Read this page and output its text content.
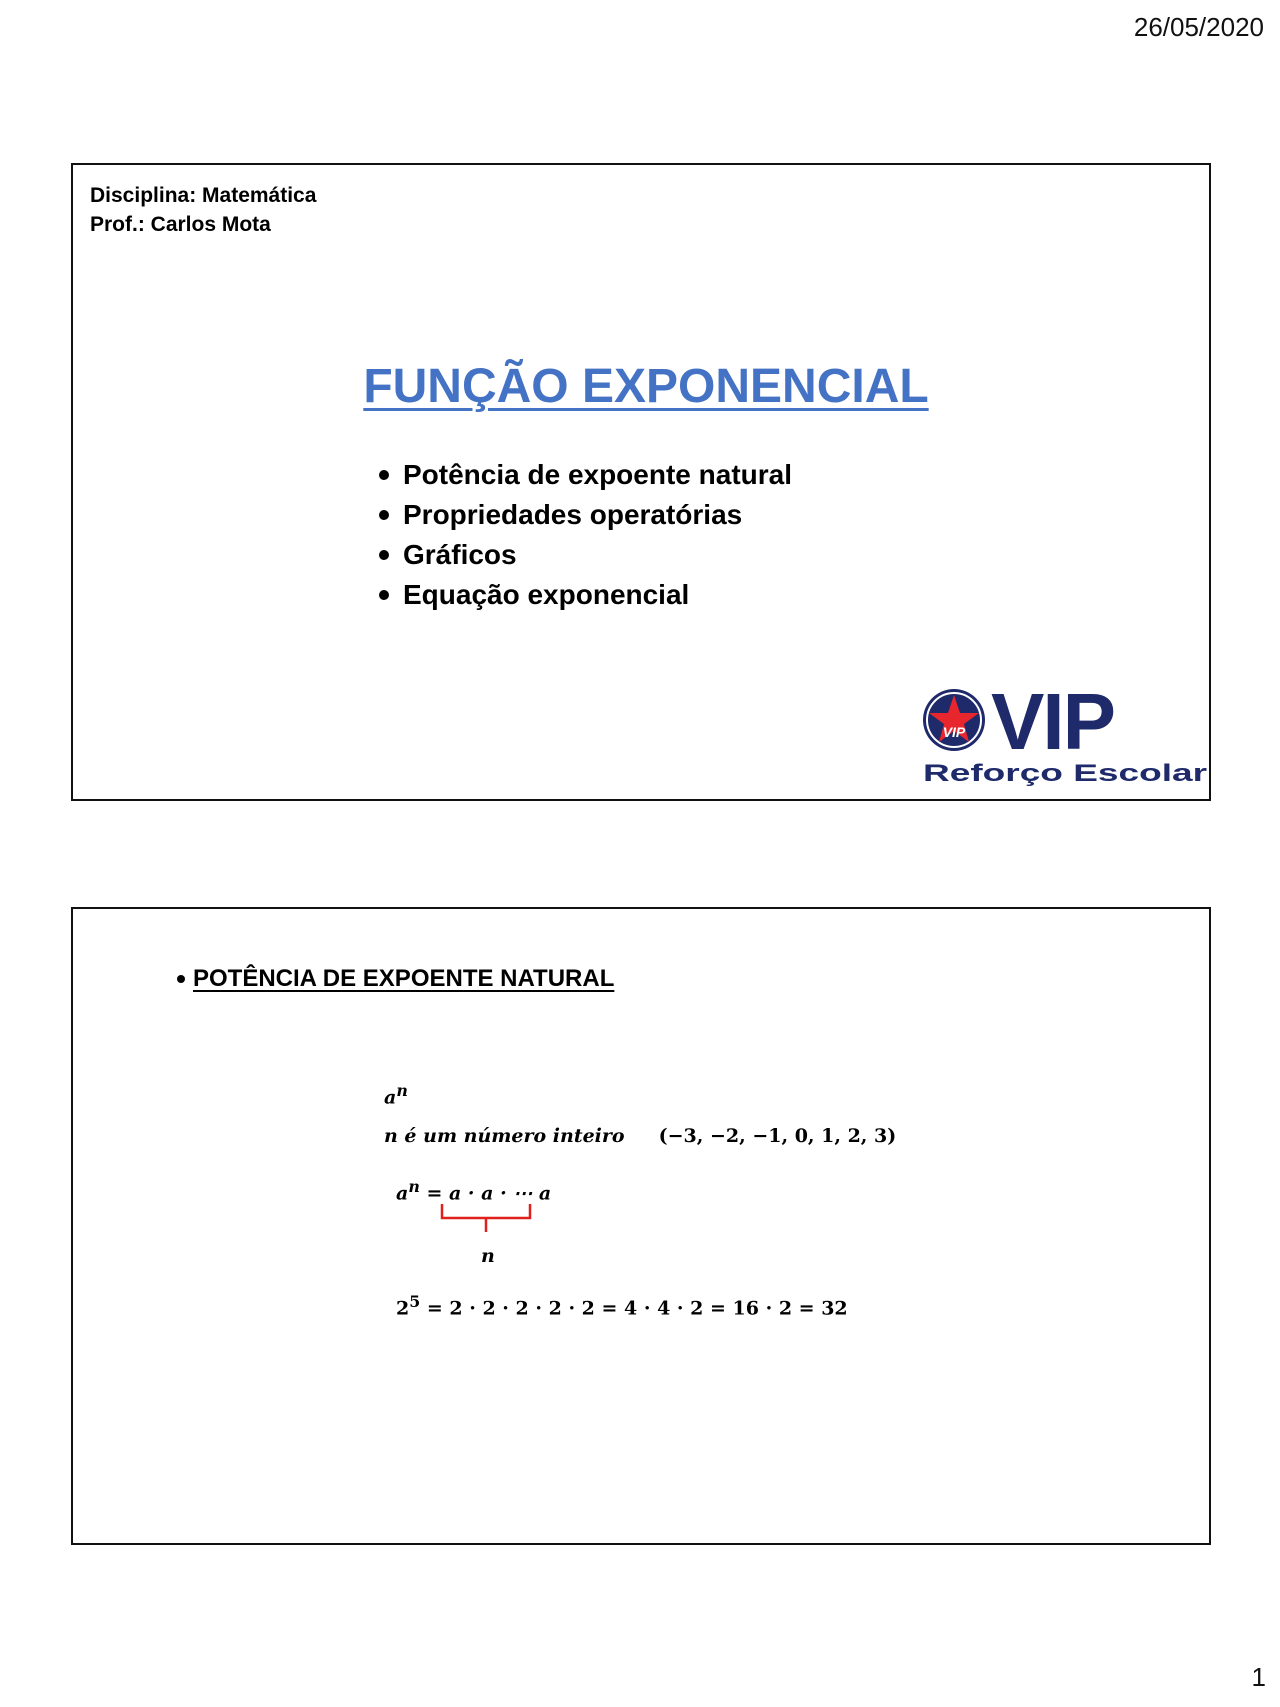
26/05/2020
Disciplina: Matemática
Prof.: Carlos Mota
FUNÇÃO EXPONENCIAL
Potência de expoente natural
Propriedades operatórias
Gráficos
Equação exponencial
VIP VIP
Reforço Escolar
POTÊNCIA DE EXPOENTE NATURAL
$a^n$
n é um número inteiro (−3, −2, −1, 0, 1, 2, 3)
$a^n = a \cdot a$ · ⋯ a
n
$2^5 = 2 \cdot 2 \cdot 2 \cdot 2 \cdot 2 = 4 \cdot 4 \cdot 2 = 16 \cdot 2 = 32$
1
